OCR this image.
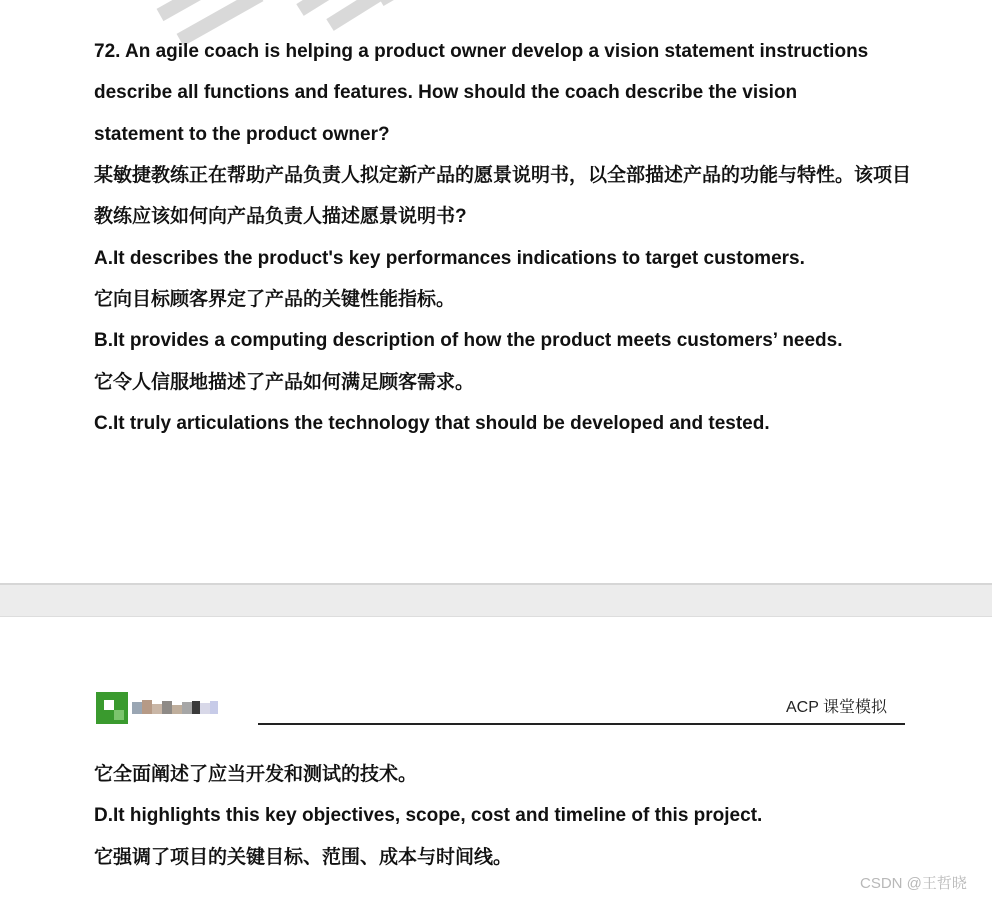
72. An agile coach is helping a product owner develop a vision statement instructions
describe all functions and features. How should the coach describe the vision
statement to the product owner?
某敏捷教练正在帮助产品负责人拟定新产品的愿景说明书，以全部描述产品的功能与特性。该项目
教练应该如何向产品负责人描述愿景说明书?
A.It describes the product's key performances indications to target customers.
它向目标顾客界定了产品的关键性能指标。
B.It provides a computing description of how the product meets customers’ needs.
它令人信服地描述了产品如何满足顾客需求。
C.It truly articulations the technology that should be developed and tested.
ACP 课堂模拟
它全面阐述了应当开发和测试的技术。
D.It highlights this key objectives, scope, cost and timeline of this project.
它强调了项目的关键目标、范围、成本与时间线。
CSDN @王哲晓
